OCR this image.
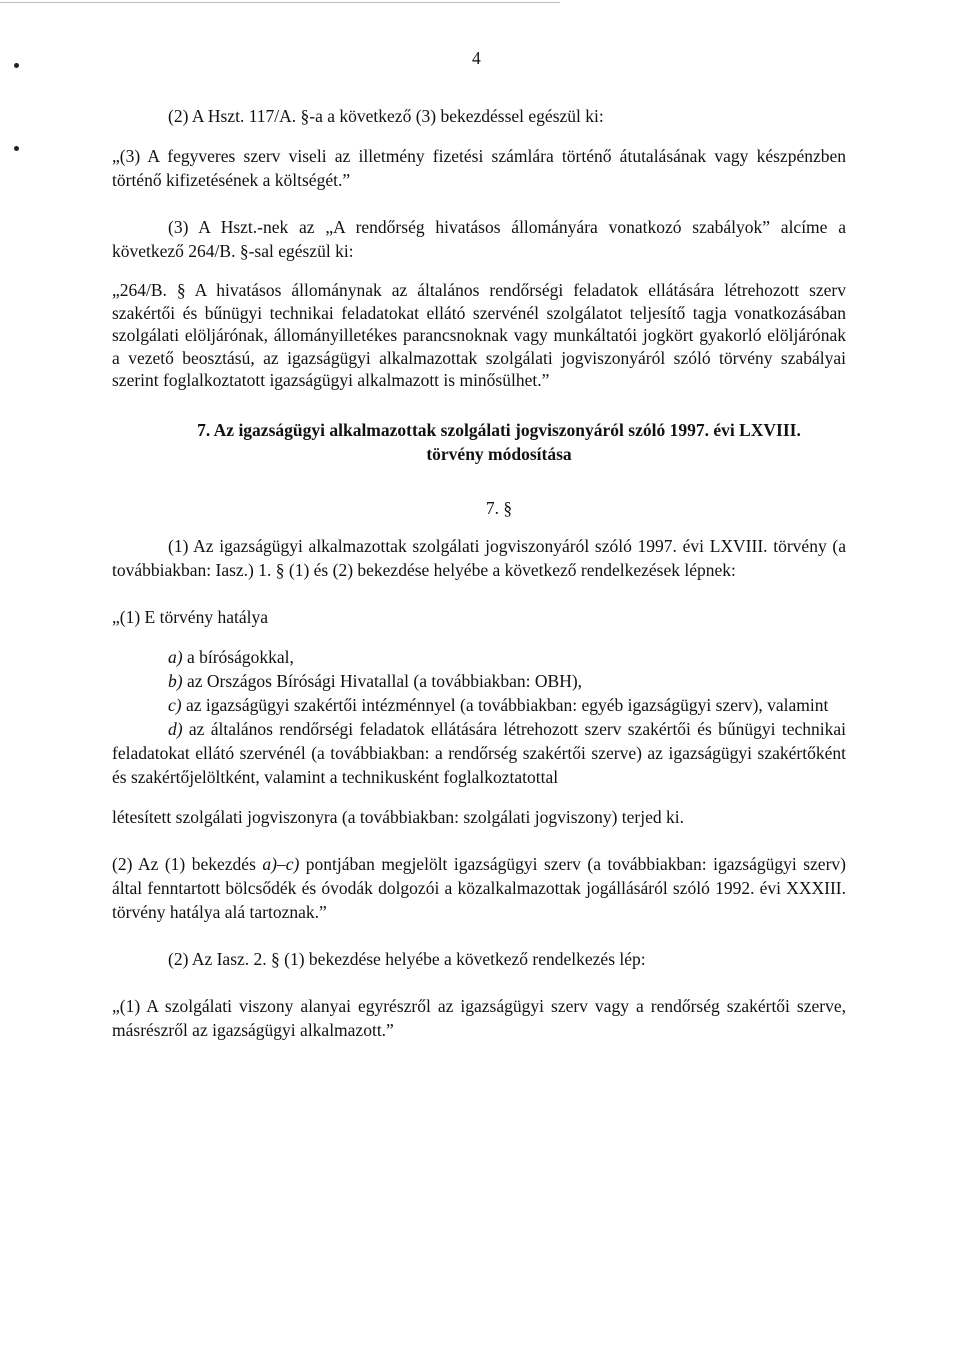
4

(2) A Hszt. 117/A. §-a a következő (3) bekezdéssel egészül ki:

„(3) A fegyveres szerv viseli az illetmény fizetési számlára történő átutalásának vagy készpénzben történő kifizetésének a költségét.”

(3) A Hszt.-nek az „A rendőrség hivatásos állományára vonatkozó szabályok” alcíme a következő 264/B. §-sal egészül ki:

„264/B. § A hivatásos állománynak az általános rendőrségi feladatok ellátására létrehozott szerv szakértői és bűnügyi technikai feladatokat ellátó szervénél szolgálatot teljesítő tagja vonatkozásában szolgálati elöljárónak, állományilletékes parancsnoknak vagy munkáltatói jogkört gyakorló elöljárónak a vezető beosztású, az igazságügyi alkalmazottak szolgálati jogviszonyáról szóló törvény szabályai szerint foglalkoztatott igazságügyi alkalmazott is minősülhet.”

7. Az igazságügyi alkalmazottak szolgálati jogviszonyáról szóló 1997. évi LXVIII.
törvény módosítása
7. §

(1) Az igazságügyi alkalmazottak szolgálati jogviszonyáról szóló 1997. évi LXVIII. törvény (a továbbiakban: Iasz.) 1. § (1) és (2) bekezdése helyébe a következő rendelkezések lépnek:

„(1) E törvény hatálya

a) a bíróságokkal,

b) az Országos Bírósági Hivatallal (a továbbiakban: OBH),

c) az igazságügyi szakértői intézménnyel (a továbbiakban: egyéb igazságügyi szerv), valamint

d) az általános rendőrségi feladatok ellátására létrehozott szerv szakértői és bűnügyi technikai feladatokat ellátó szervénél (a továbbiakban: a rendőrség szakértői szerve) az igazságügyi szakértőként és szakértőjelöltként, valamint a technikusként foglalkoztatottal

létesített szolgálati jogviszonyra (a továbbiakban: szolgálati jogviszony) terjed ki.

(2) Az (1) bekezdés a)–c) pontjában megjelölt igazságügyi szerv (a továbbiakban: igazságügyi szerv) által fenntartott bölcsődék és óvodák dolgozói a közalkalmazottak jogállásáról szóló 1992. évi XXXIII. törvény hatálya alá tartoznak.”

(2) Az Iasz. 2. § (1) bekezdése helyébe a következő rendelkezés lép:

„(1) A szolgálati viszony alanyai egyrészről az igazságügyi szerv vagy a rendőrség szakértői szerve, másrészről az igazságügyi alkalmazott.”
